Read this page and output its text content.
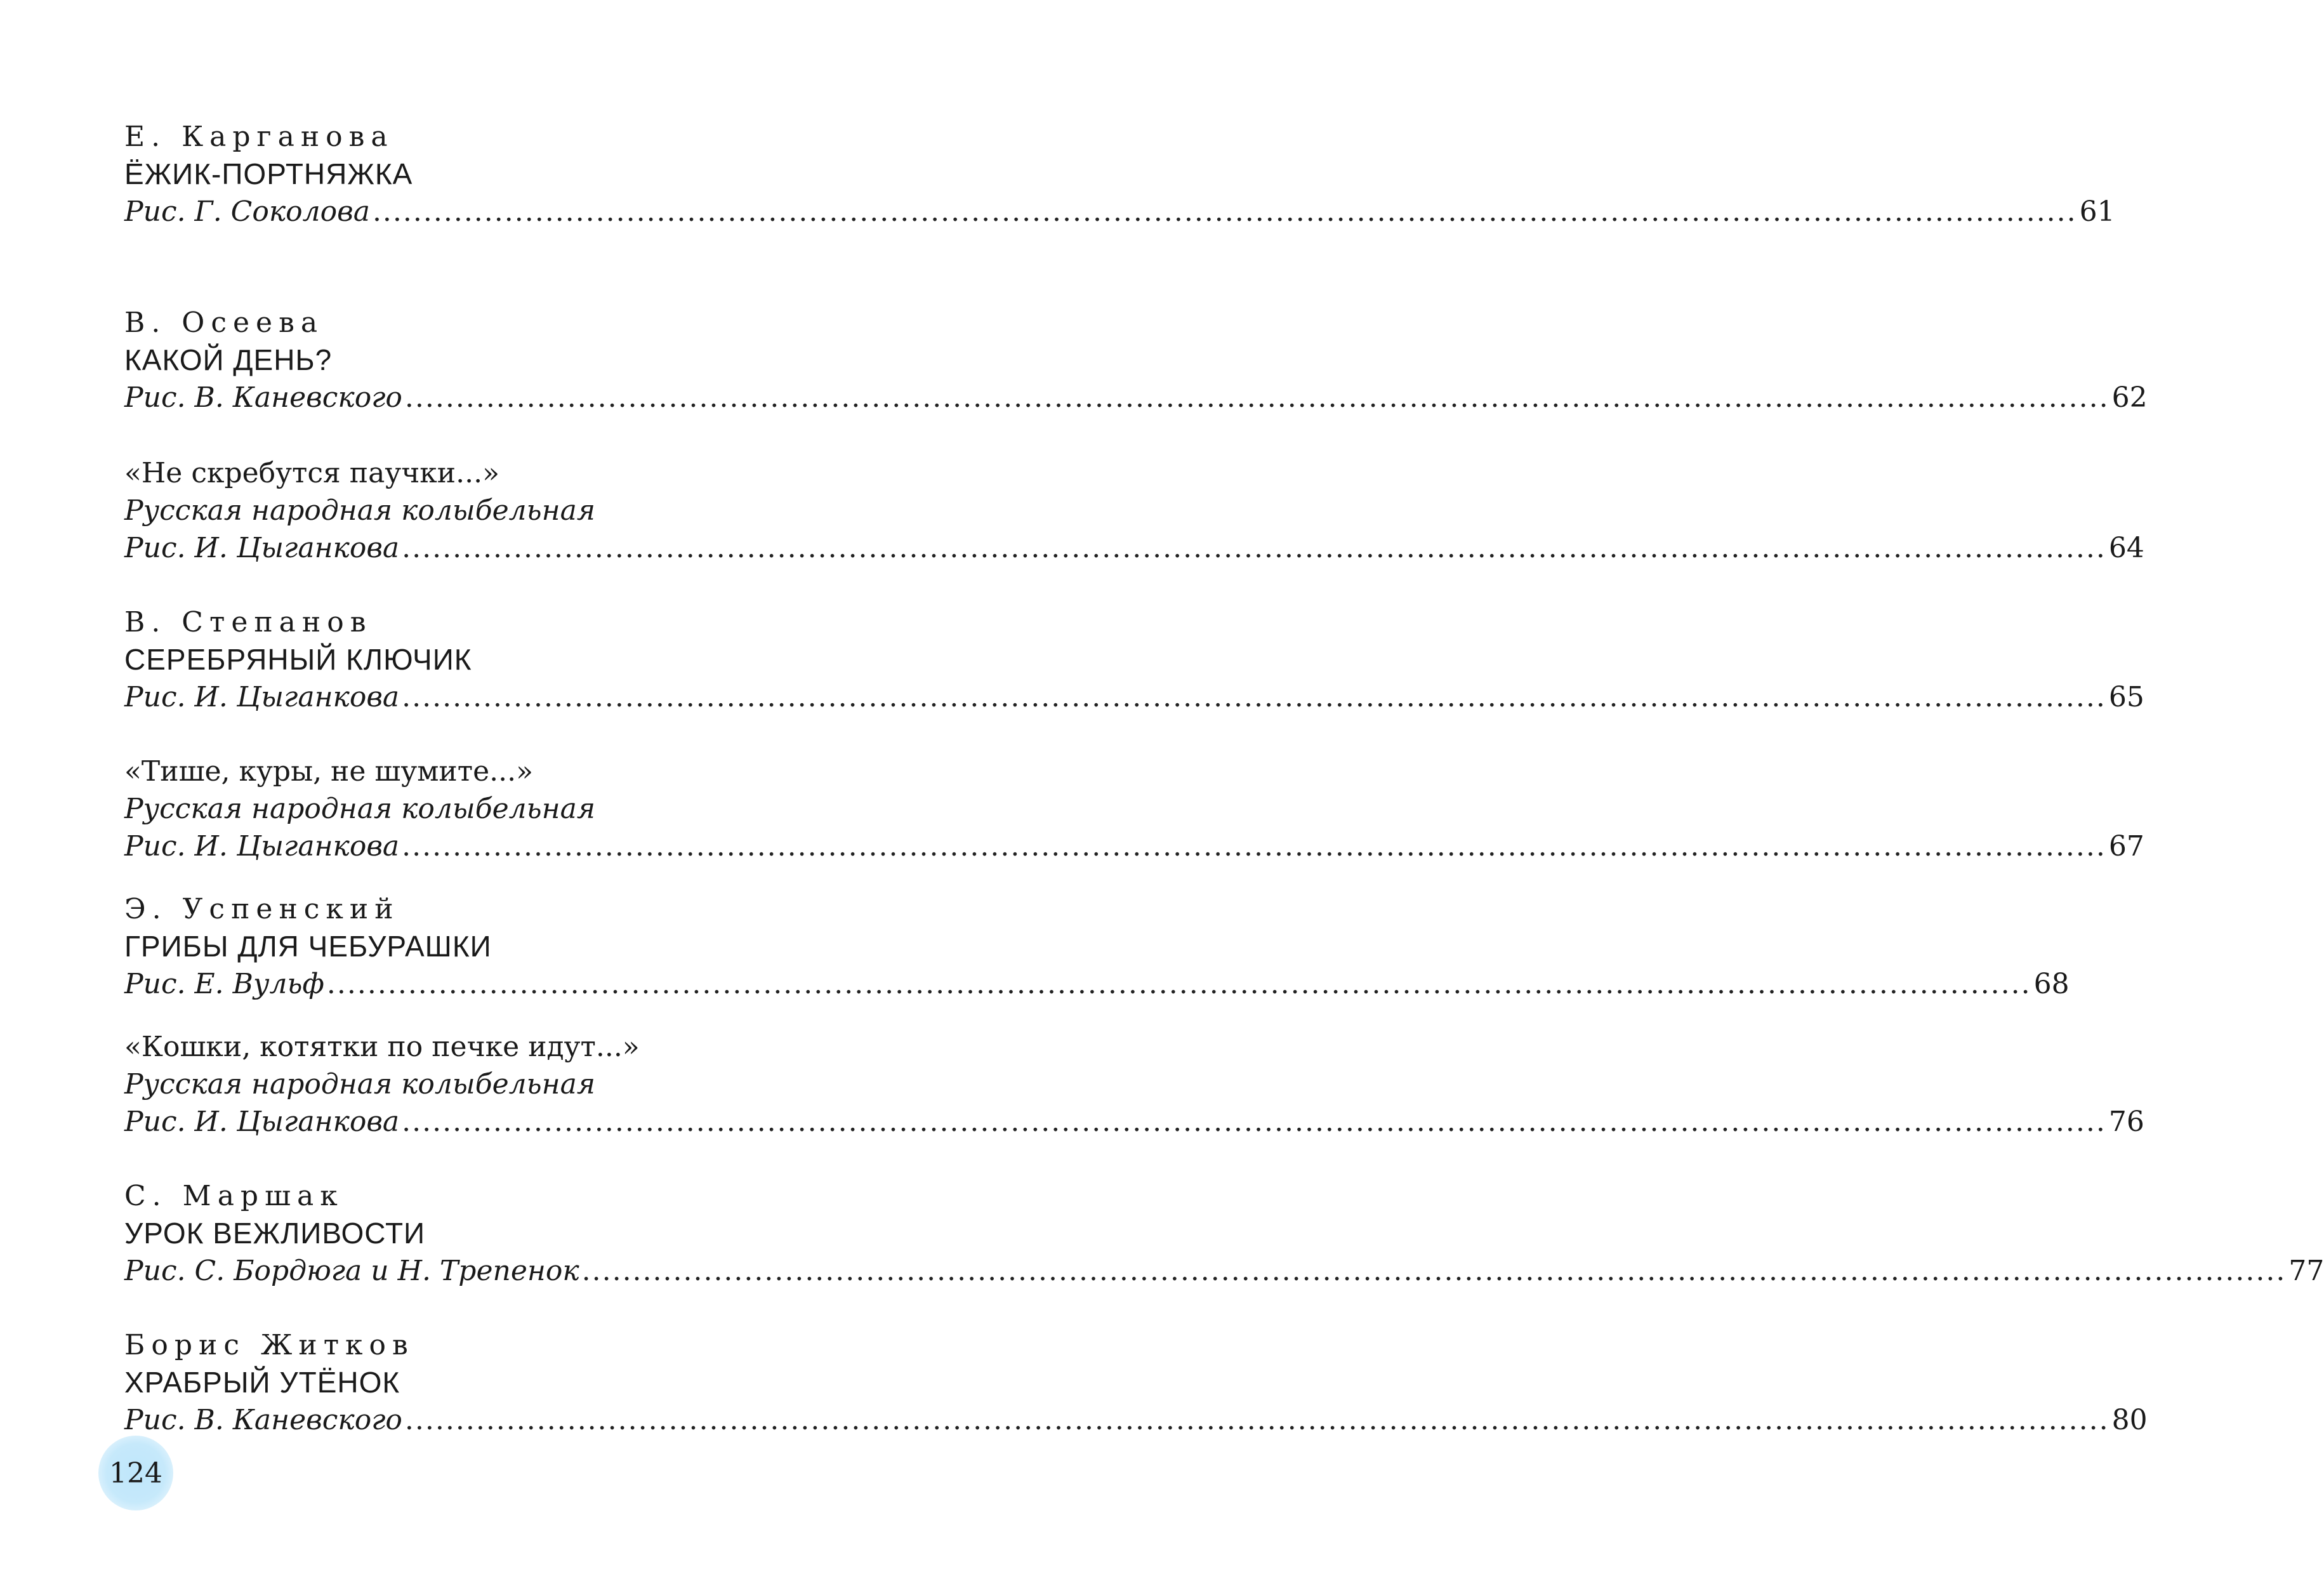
Е. Карганова
ЁЖИК-ПОРТНЯЖКА
Рис. Г. Соколова ........................................................................................................................................................................ 61
В. Осеева
КАКОЙ ДЕНЬ?
Рис. В. Каневского ........................................................................................................................................................................ 62
«Не скребутся паучки...»
Русская народная колыбельная
Рис. И. Цыганкова ........................................................................................................................................................................ 64
В. Степанов
СЕРЕБРЯНЫЙ КЛЮЧИК
Рис. И. Цыганкова ........................................................................................................................................................................ 65
«Тише, куры, не шумите...»
Русская народная колыбельная
Рис. И. Цыганкова ........................................................................................................................................................................ 67
Э. Успенский
ГРИБЫ ДЛЯ ЧЕБУРАШКИ
Рис. Е. Вульф ........................................................................................................................................................................ 68
«Кошки, котятки по печке идут...»
Русская народная колыбельная
Рис. И. Цыганкова ........................................................................................................................................................................ 76
С. Маршак
УРОК ВЕЖЛИВОСТИ
Рис. С. Бордюга и Н. Трепенок ........................................................................................................................................................................ 77
Борис Житков
ХРАБРЫЙ УТЁНОК
Рис. В. Каневского ........................................................................................................................................................................ 80
124
